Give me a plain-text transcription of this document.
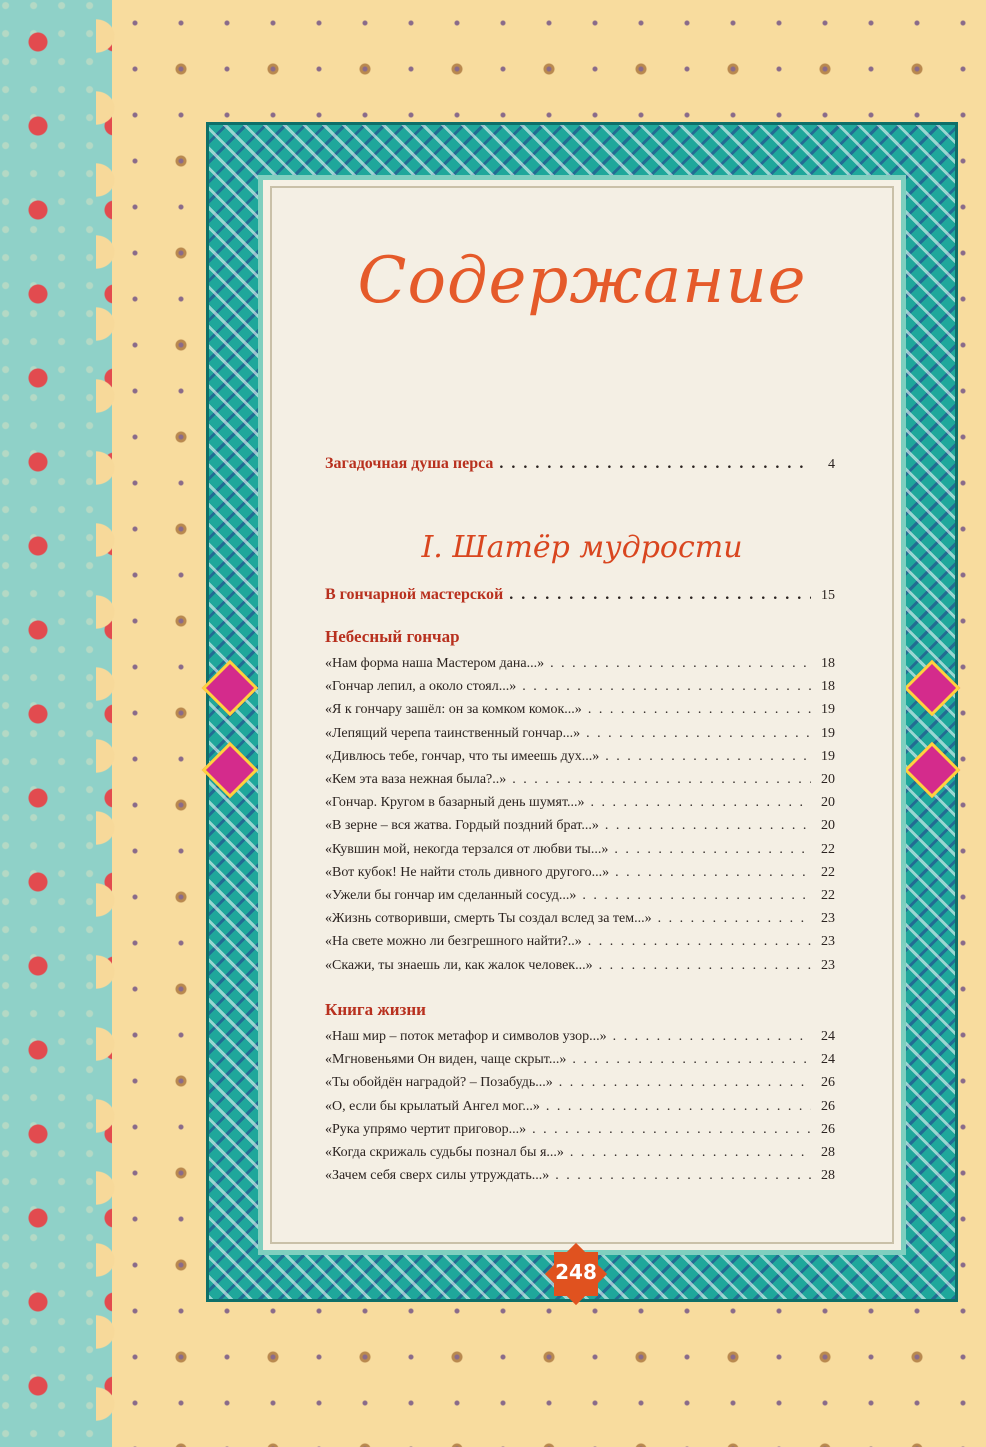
Содержание
Загадочная душа перса . . .	4
I. Шатёр мудрости
В гончарной мастерской . . .	15
Небесный гончар
«Нам форма наша Мастером дана...» . . .	18
«Гончар лепил, а около стоял...» . . .	18
«Я к гончару зашёл: он за комком комок...» . . .	19
«Лепящий черепа таинственный гончар...» . . .	19
«Дивлюсь тебе, гончар, что ты имеешь дух...» . . .	19
«Кем эта ваза нежная была?..» . . .	20
«Гончар. Кругом в базарный день шумят...» . . .	20
«В зерне – вся жатва. Гордый поздний брат...» . . .	20
«Кувшин мой, некогда терзался от любви ты...» . . .	22
«Вот кубок! Не найти столь дивного другого...» . . .	22
«Ужели бы гончар им сделанный сосуд...» . . .	22
«Жизнь сотворивши, смерть Ты создал вслед за тем...» . . .	23
«На свете можно ли безгрешного найти?..» . . .	23
«Скажи, ты знаешь ли, как жалок человек...» . . .	23
Книга жизни
«Наш мир – поток метафор и символов узор...» . . .	24
«Мгновеньями Он виден, чаще скрыт...» . . .	24
«Ты обойдён наградой? – Позабудь...» . . .	26
«О, если бы крылатый Ангел мог...» . . .	26
«Рука упрямо чертит приговор...» . . .	26
«Когда скрижаль судьбы познал бы я...» . . .	28
«Зачем себя сверх силы утруждать...» . . .	28
248
